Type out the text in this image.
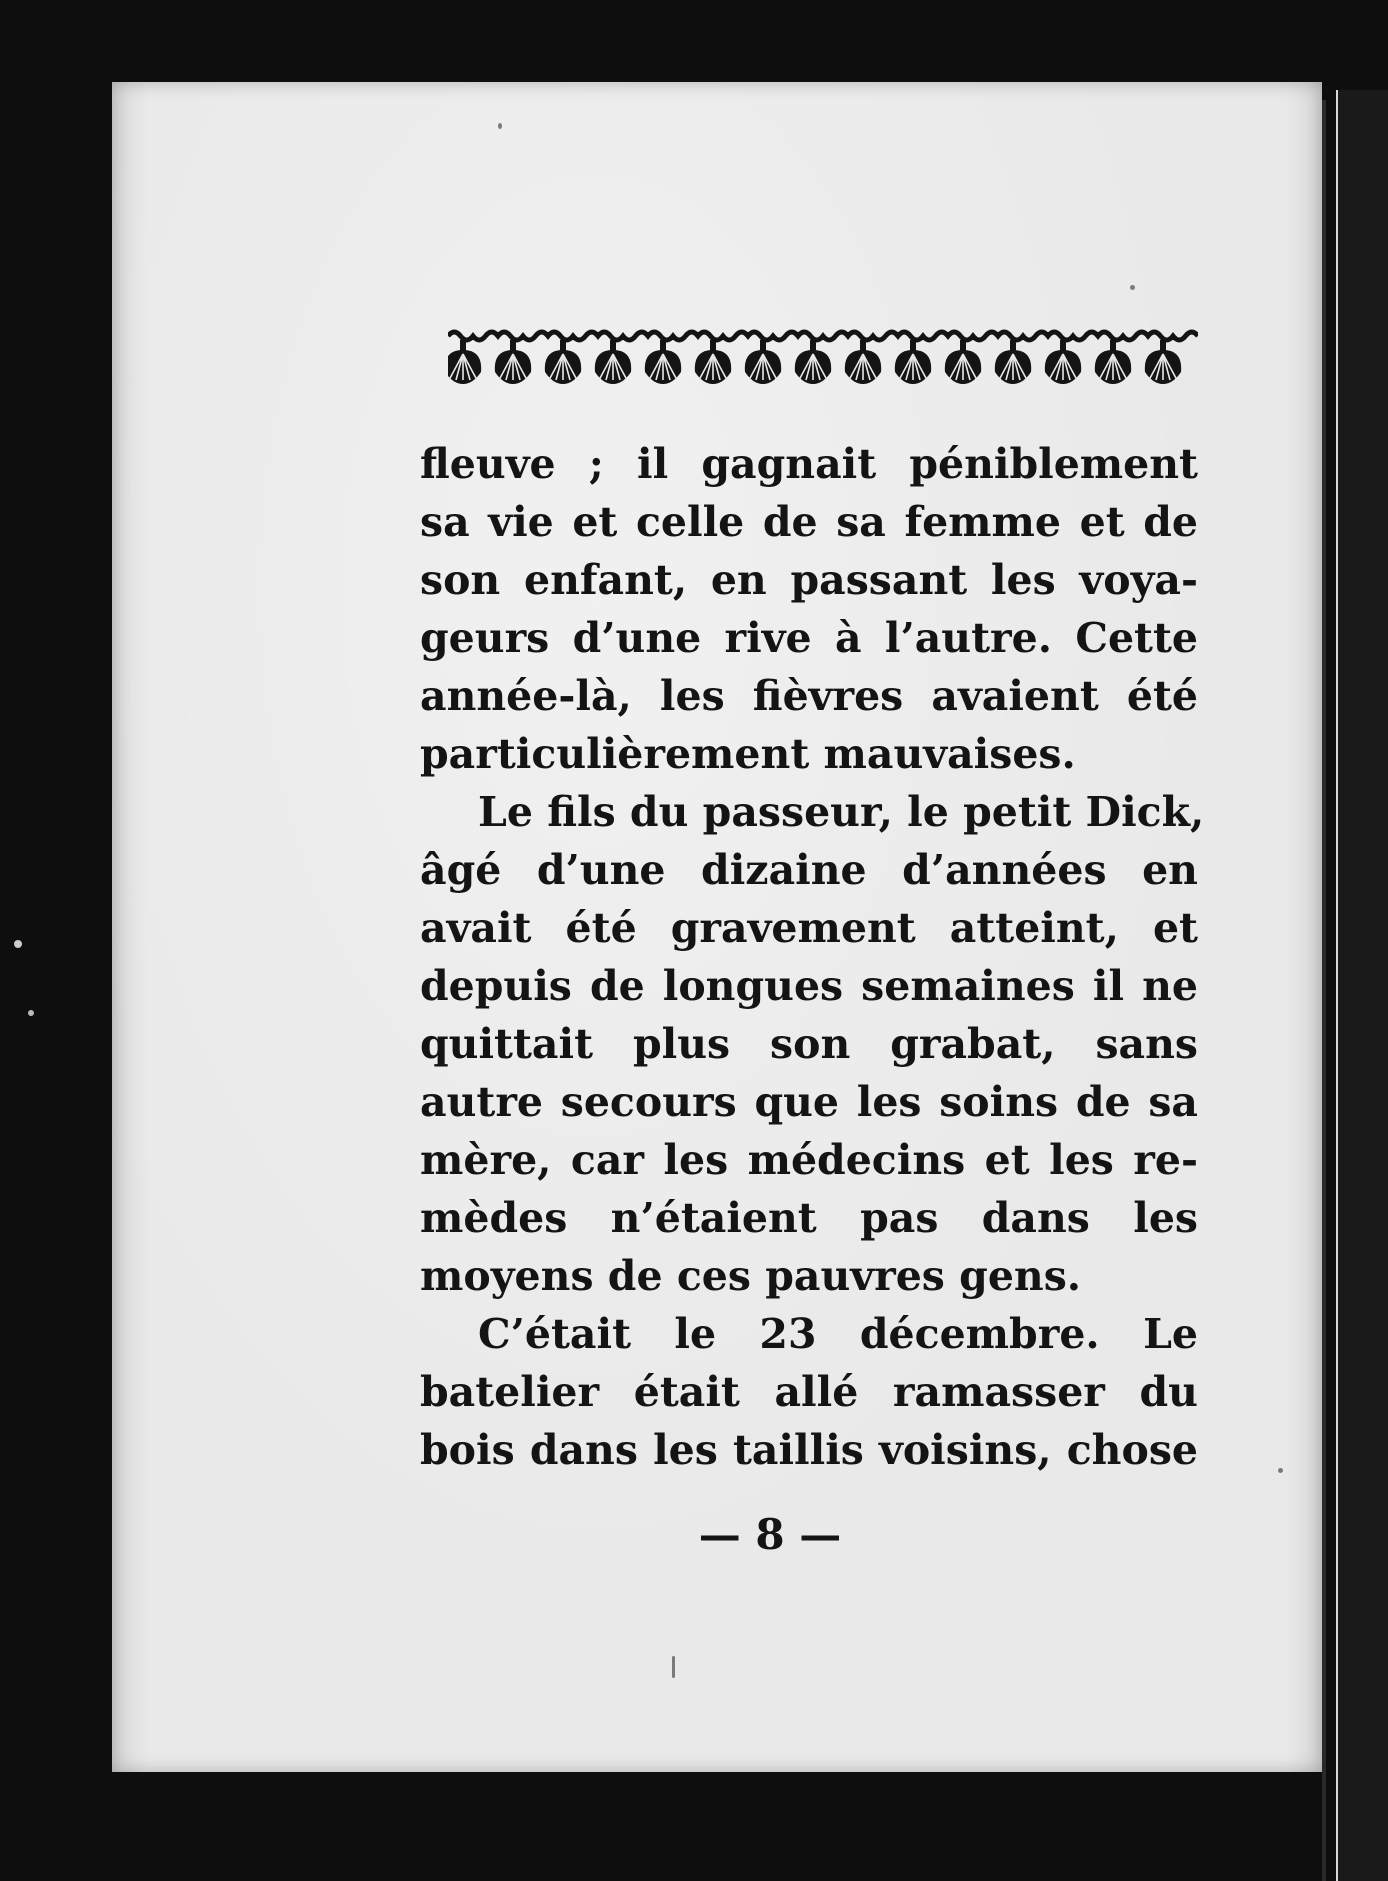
fleuve ; il gagnait péniblement
sa vie et celle de sa femme et de
son enfant, en passant les voya-
geurs d’une rive à l’autre. Cette
année-là, les fièvres avaient été
particulièrement mauvaises.
Le fils du passeur, le petit Dick,
âgé d’une dizaine d’années en
avait été gravement atteint, et
depuis de longues semaines il ne
quittait plus son grabat, sans
autre secours que les soins de sa
mère, car les médecins et les re-
mèdes n’étaient pas dans les
moyens de ces pauvres gens.
C’était le 23 décembre. Le
batelier était allé ramasser du
bois dans les taillis voisins, chose
— 8 —
